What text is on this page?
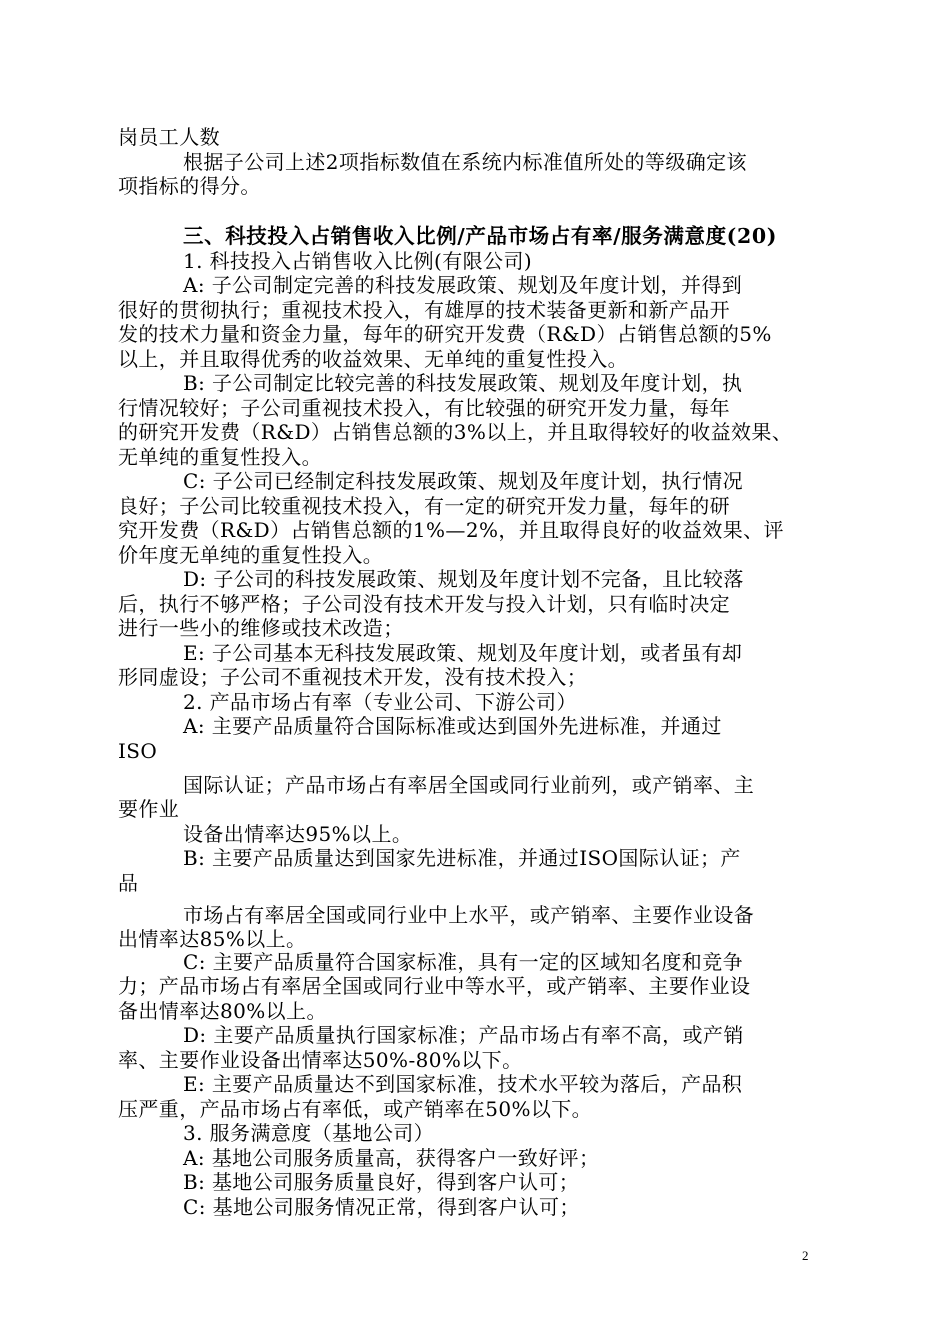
岗员工人数
根据子公司上述2项指标数值在系统内标准值所处的等级确定该
项指标的得分。
三、科技投入占销售收入比例/产品市场占有率/服务满意度(20)
1. 科技投入占销售收入比例(有限公司)
A: 子公司制定完善的科技发展政策、规划及年度计划，并得到
很好的贯彻执行；重视技术投入，有雄厚的技术装备更新和新产品开
发的技术力量和资金力量，每年的研究开发费（R&D）占销售总额的5%
以上，并且取得优秀的收益效果、无单纯的重复性投入。
B: 子公司制定比较完善的科技发展政策、规划及年度计划，执
行情况较好；子公司重视技术投入，有比较强的研究开发力量，每年
的研究开发费（R&D）占销售总额的3%以上，并且取得较好的收益效果、
无单纯的重复性投入。
C: 子公司已经制定科技发展政策、规划及年度计划，执行情况
良好；子公司比较重视技术投入，有一定的研究开发力量，每年的研
究开发费（R&D）占销售总额的1%—2%，并且取得良好的收益效果、评
价年度无单纯的重复性投入。
D: 子公司的科技发展政策、规划及年度计划不完备，且比较落
后，执行不够严格；子公司没有技术开发与投入计划，只有临时决定
进行一些小的维修或技术改造；
E: 子公司基本无科技发展政策、规划及年度计划，或者虽有却
形同虚设；子公司不重视技术开发，没有技术投入；
2. 产品市场占有率（专业公司、下游公司）
A: 主要产品质量符合国际标准或达到国外先进标准，并通过
ISO
国际认证；产品市场占有率居全国或同行业前列，或产销率、主
要作业
设备出情率达95%以上。
B: 主要产品质量达到国家先进标准，并通过ISO国际认证；产
品
市场占有率居全国或同行业中上水平，或产销率、主要作业设备
出情率达85%以上。
C: 主要产品质量符合国家标准，具有一定的区域知名度和竞争
力；产品市场占有率居全国或同行业中等水平，或产销率、主要作业设
备出情率达80%以上。
D: 主要产品质量执行国家标准；产品市场占有率不高，或产销
率、主要作业设备出情率达50%-80%以下。
E: 主要产品质量达不到国家标准，技术水平较为落后，产品积
压严重，产品市场占有率低，或产销率在50%以下。
3. 服务满意度（基地公司）
A: 基地公司服务质量高，获得客户一致好评；
B: 基地公司服务质量良好，得到客户认可；
C: 基地公司服务情况正常，得到客户认可；
2
